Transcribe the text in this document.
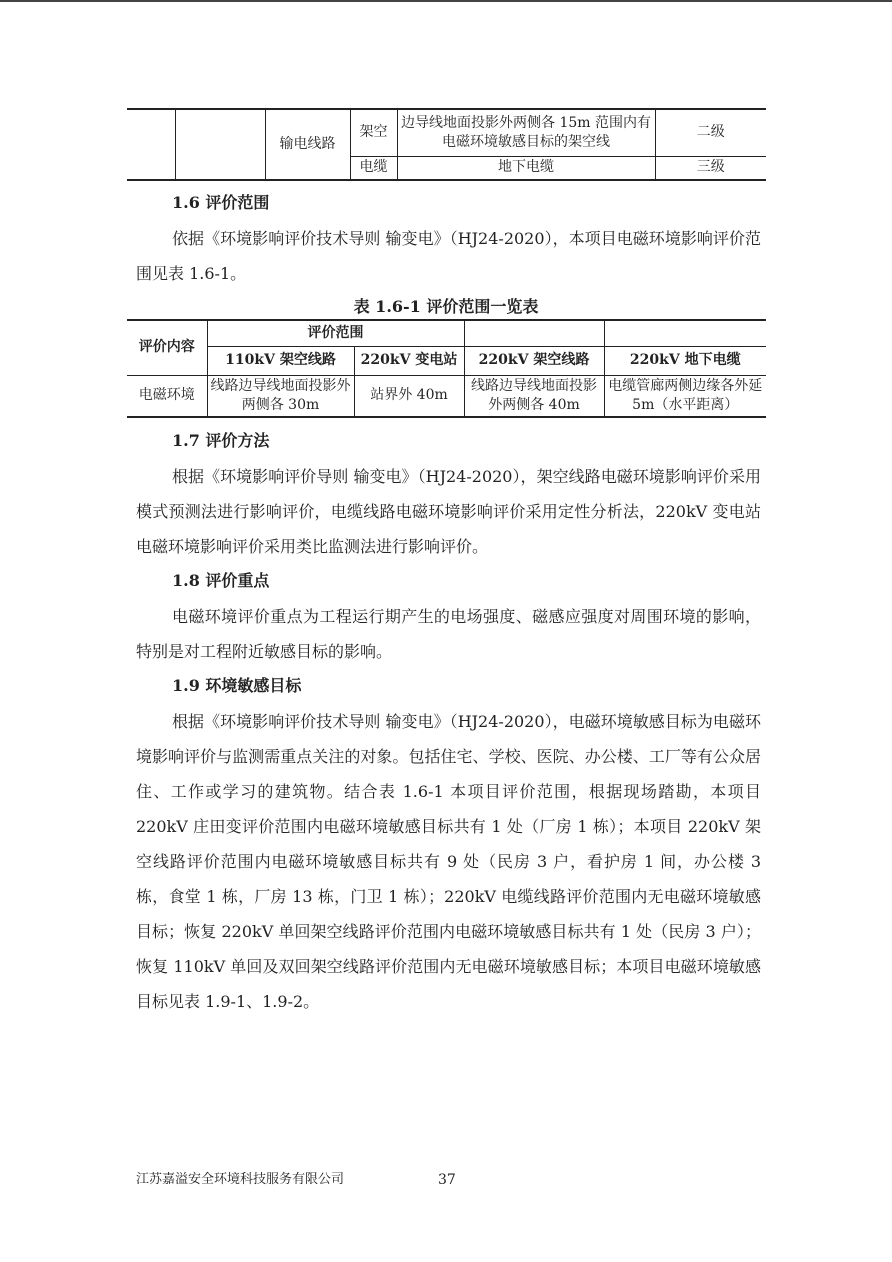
		输电线路	架空	边导线地面投影外两侧各 15m 范围内有电磁环境敏感目标的架空线	二级
			电缆	地下电缆	三级
1.6 评价范围

依据《环境影响评价技术导则 输变电》（HJ24-2020），本项目电磁环境影响评价范围见表 1.6-1。

表 1.6-1 评价范围一览表
评价内容	评价范围			
	110kV 架空线路	220kV 变电站	220kV 架空线路	220kV 地下电缆
电磁环境	线路边导线地面投影外两侧各 30m	站界外 40m	线路边导线地面投影外两侧各 40m	电缆管廊两侧边缘各外延 5m（水平距离）
1.7 评价方法

根据《环境影响评价导则 输变电》（HJ24-2020），架空线路电磁环境影响评价采用模式预测法进行影响评价，电缆线路电磁环境影响评价采用定性分析法，220kV 变电站电磁环境影响评价采用类比监测法进行影响评价。

1.8 评价重点

电磁环境评价重点为工程运行期产生的电场强度、磁感应强度对周围环境的影响，特别是对工程附近敏感目标的影响。

1.9 环境敏感目标

根据《环境影响评价技术导则 输变电》（HJ24-2020），电磁环境敏感目标为电磁环境影响评价与监测需重点关注的对象。包括住宅、学校、医院、办公楼、工厂等有公众居住、工作或学习的建筑物。结合表 1.6-1 本项目评价范围，根据现场踏勘，本项目 220kV 庄田变评价范围内电磁环境敏感目标共有 1 处（厂房 1 栋）；本项目 220kV 架空线路评价范围内电磁环境敏感目标共有 9 处（民房 3 户，看护房 1 间，办公楼 3 栋，食堂 1 栋，厂房 13 栋，门卫 1 栋）；220kV 电缆线路评价范围内无电磁环境敏感目标；恢复 220kV 单回架空线路评价范围内电磁环境敏感目标共有 1 处（民房 3 户）；恢复 110kV 单回及双回架空线路评价范围内无电磁环境敏感目标；本项目电磁环境敏感目标见表 1.9-1、1.9-2。

江苏嘉溢安全环境科技服务有限公司	37
